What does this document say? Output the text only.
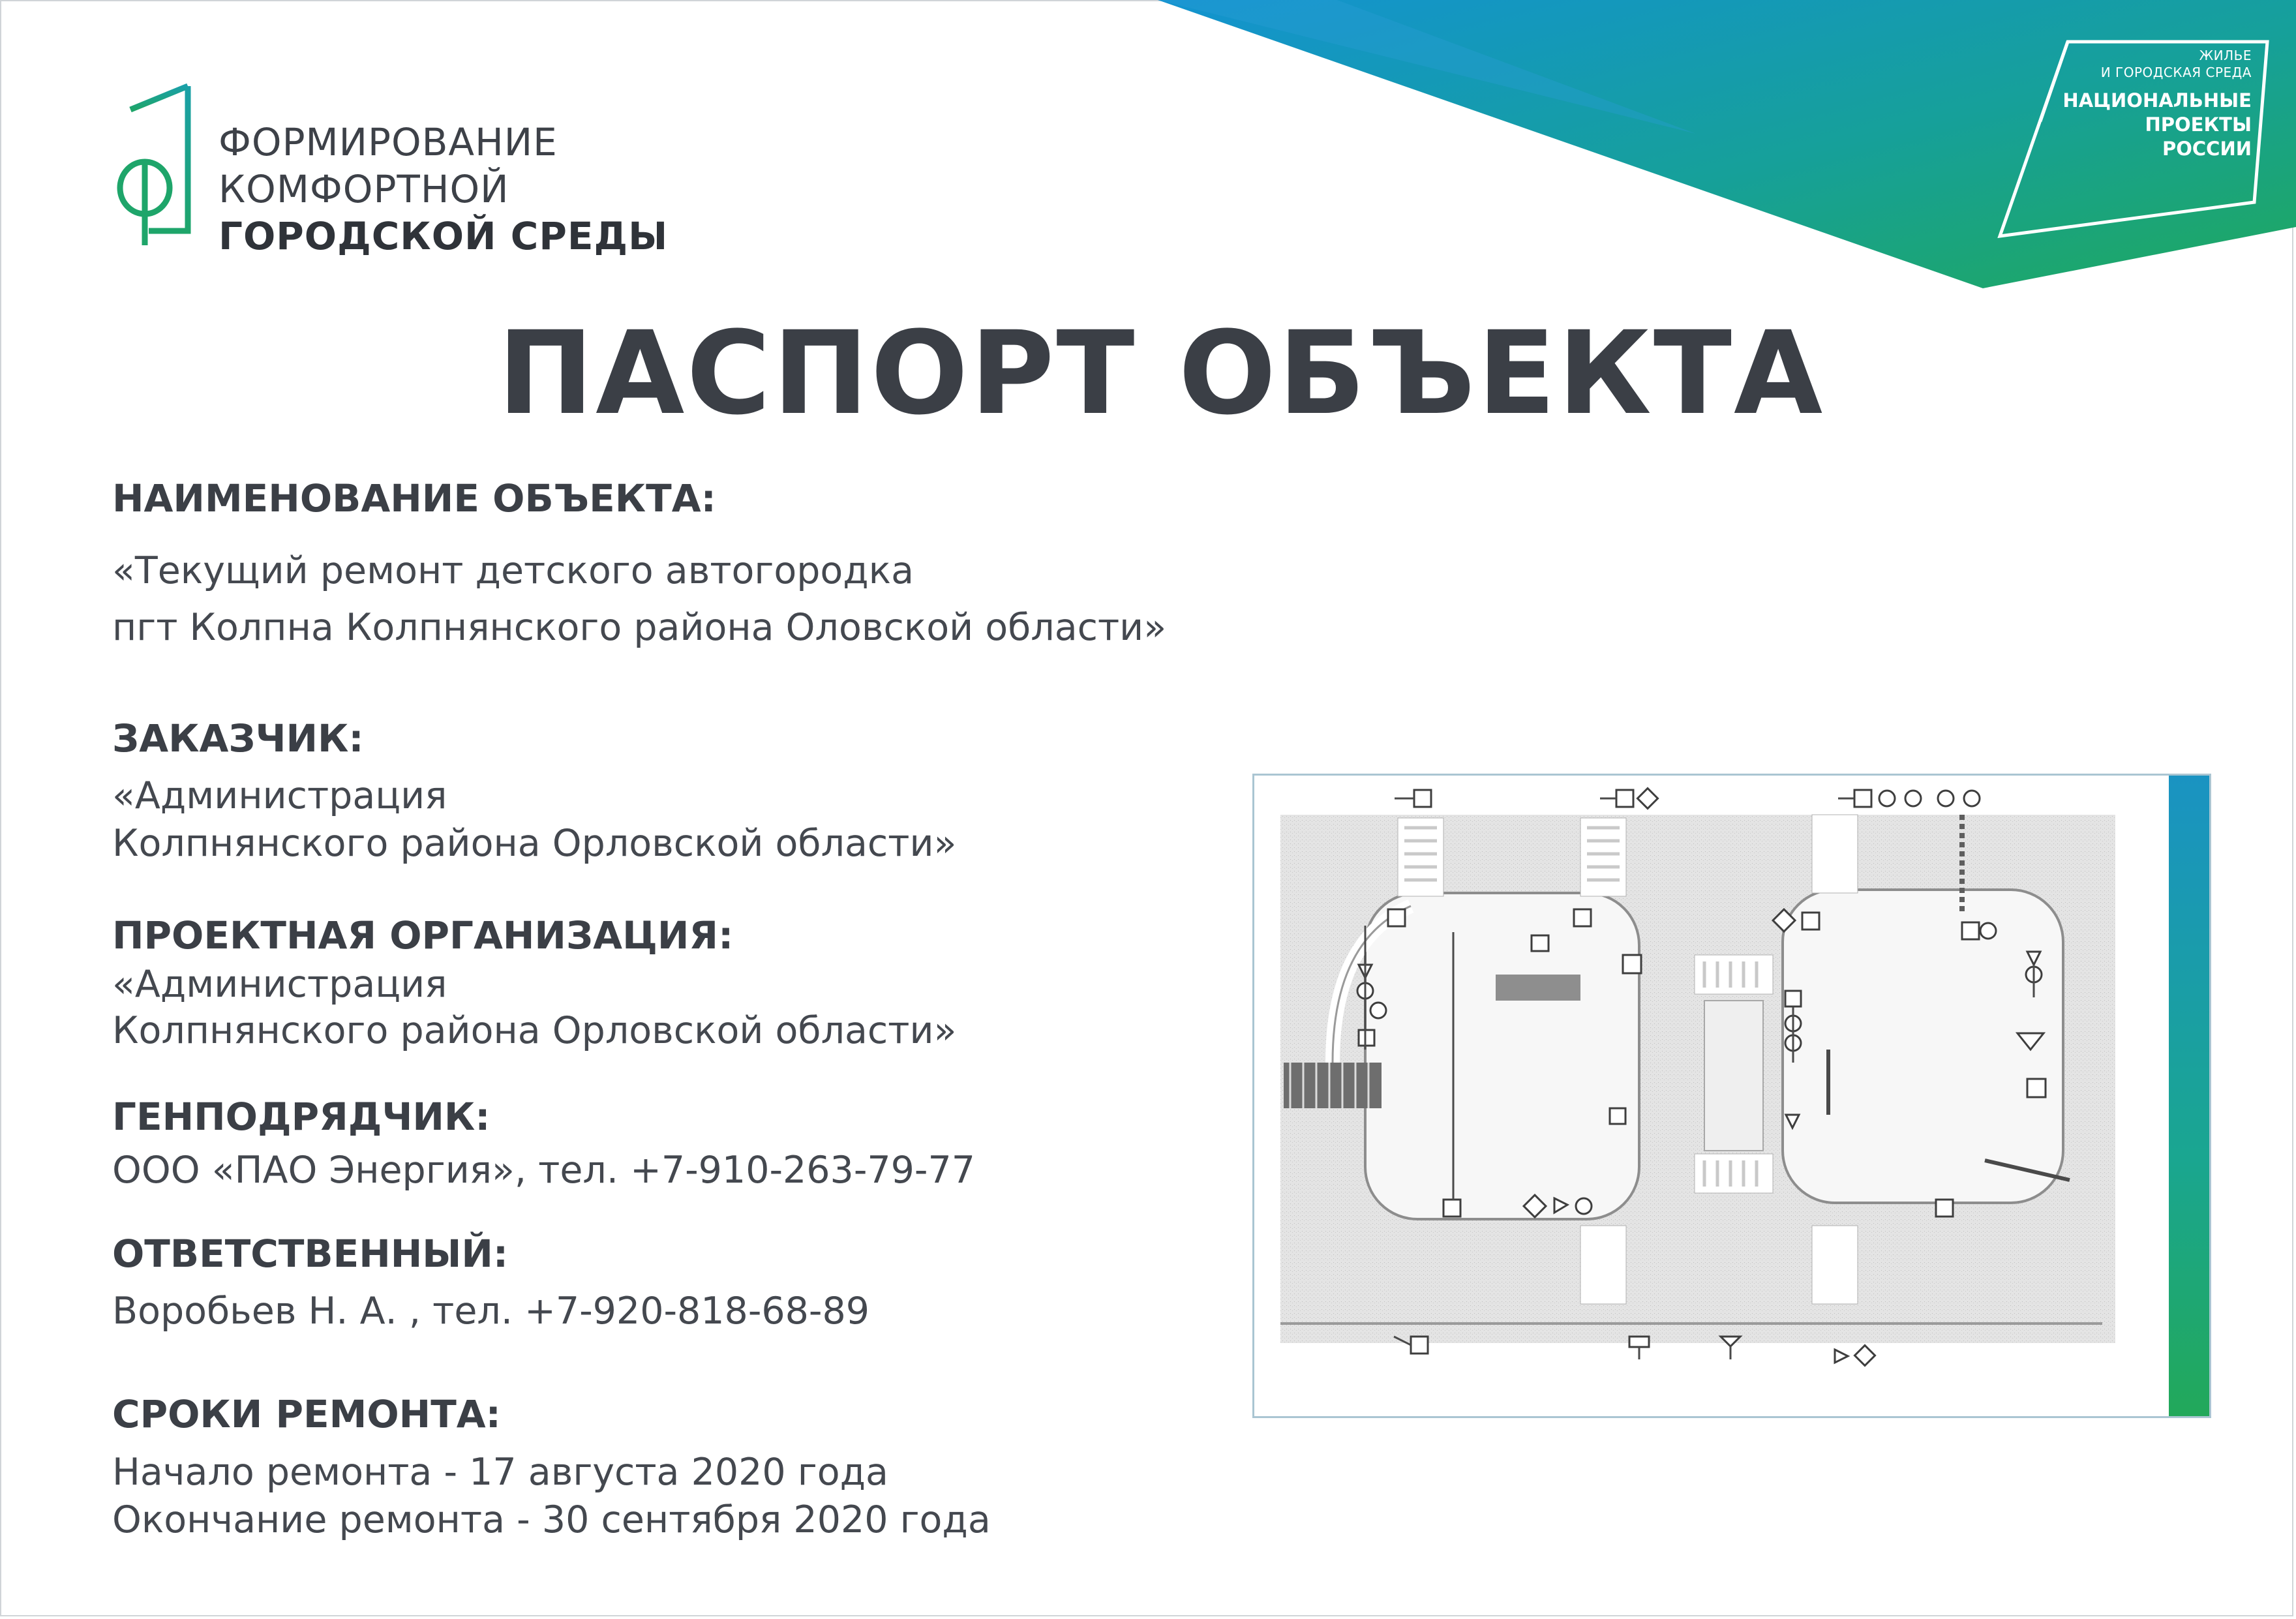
ЖИЛЬЕ
И ГОРОДСКАЯ СРЕДА
НАЦИОНАЛЬНЫЕ
ПРОЕКТЫ
РОССИИ
ФОРМИРОВАНИЕ
КОМФОРТНОЙ
ГОРОДСКОЙ СРЕДЫ
ПАСПОРТ ОБЪЕКТА
НАИМЕНОВАНИЕ ОБЪЕКТА:
«Текущий ремонт детского автогородка
пгт Колпна Колпнянского района Оловской области»
ЗАКАЗЧИК:
«Администрация
Колпнянского района Орловской области»
ПРОЕКТНАЯ ОРГАНИЗАЦИЯ:
«Администрация
Колпнянского района Орловской области»
ГЕНПОДРЯДЧИК:
ООО «ПАО Энергия», тел. +7-910-263-79-77
ОТВЕТСТВЕННЫЙ:
Воробьев Н. А. , тел. +7-920-818-68-89
СРОКИ РЕМОНТА:
Начало ремонта - 17 августа 2020 года
Окончание ремонта - 30 сентября 2020 года
